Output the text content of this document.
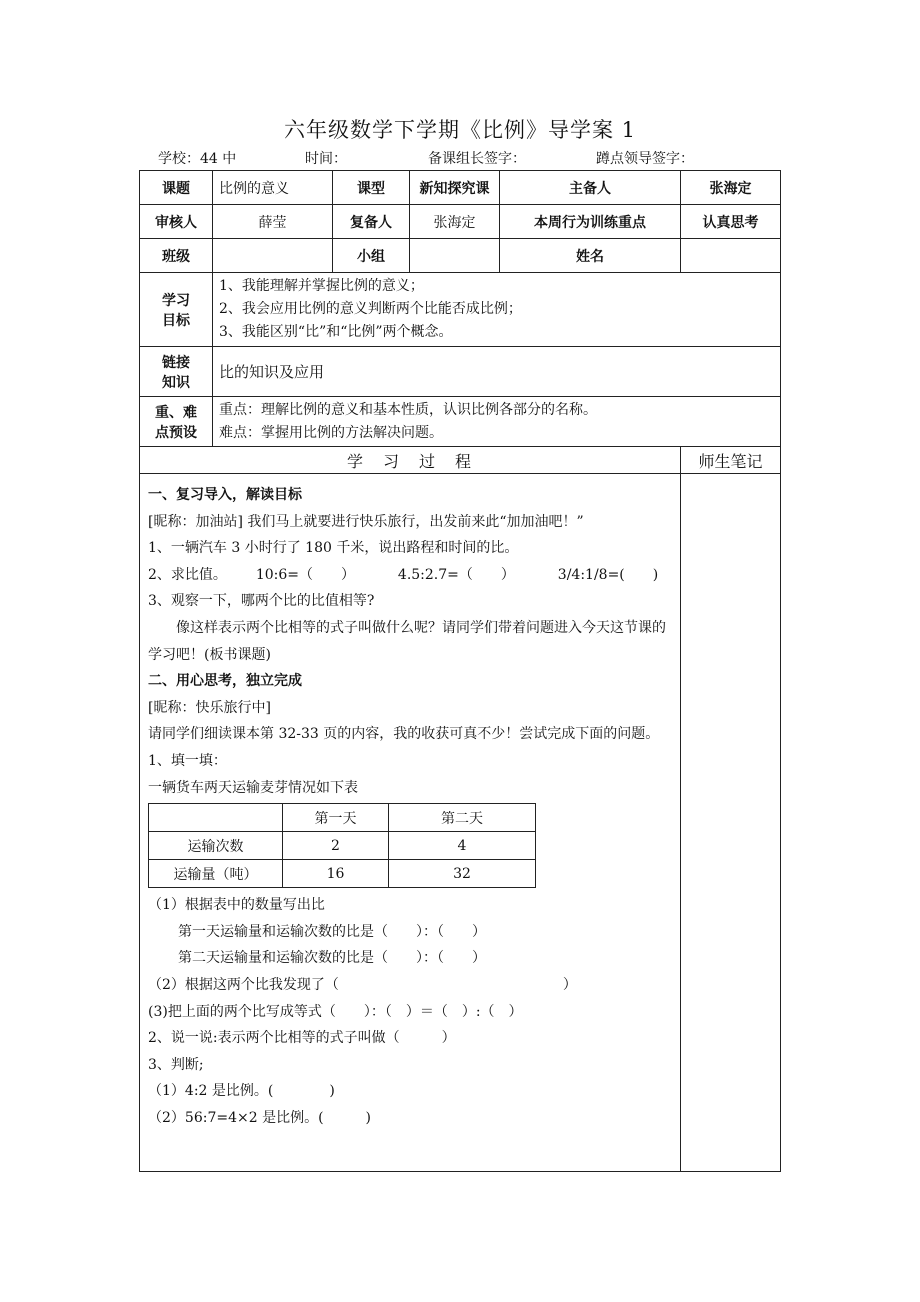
六年级数学下学期《比例》导学案 1
学校：44 中	时间：	备课组长签字：	蹲点领导签字：
课题	比例的意义	课型	新知探究课	主备人	张海定
审核人	薛莹	复备人	张海定	本周行为训练重点	认真思考
班级		小组		姓名	

学习
目标

1、我能理解并掌握比例的意义；
2、我会应用比例的意义判断两个比能否成比例；
3、我能区别“比”和“比例”两个概念。

链接
知识
	比的知识及应用

重、难
点预设

重点：理解比例的意义和基本性质，认识比例各部分的名称。
难点：掌握用比例的方法解决问题。

学　习　过　程	师生笔记

一、复习导入，解读目标
[昵称：加油站] 我们马上就要进行快乐旅行，出发前来此“加加油吧！”
1、一辆汽车 3 小时行了 180 千米，说出路程和时间的比。
2、求比值。 10:6=（　　）	4.5:2.7=（　　）	3/4:1/8=(　　)
3、观察一下，哪两个比的比值相等?
像这样表示两个比相等的式子叫做什么呢？请同学们带着问题进入今天这节课的学习吧！(板书课题)
二、用心思考，独立完成
[昵称：快乐旅行中]
请同学们细读课本第 32-33 页的内容，我的收获可真不少！尝试完成下面的问题。
1、填一填：
一辆货车两天运输麦芽情况如下表
	第一天	第二天
运输次数	2	4
运输量（吨）	16	32
（1）根据表中的数量写出比
第一天运输量和运输次数的比是（　　）：（　　）
第二天运输量和运输次数的比是（　　）：（　　）
（2）根据这两个比我发现了（　　　　　　　　　　　　　　　　）
(3)把上面的两个比写成等式（　　）：（　）＝（　）:（　）
2、说一说:表示两个比相等的式子叫做（　　　）
3、判断;
（1）4:2 是比例。(　　　　)
（2）56:7=4×2 是比例。(　　　)
